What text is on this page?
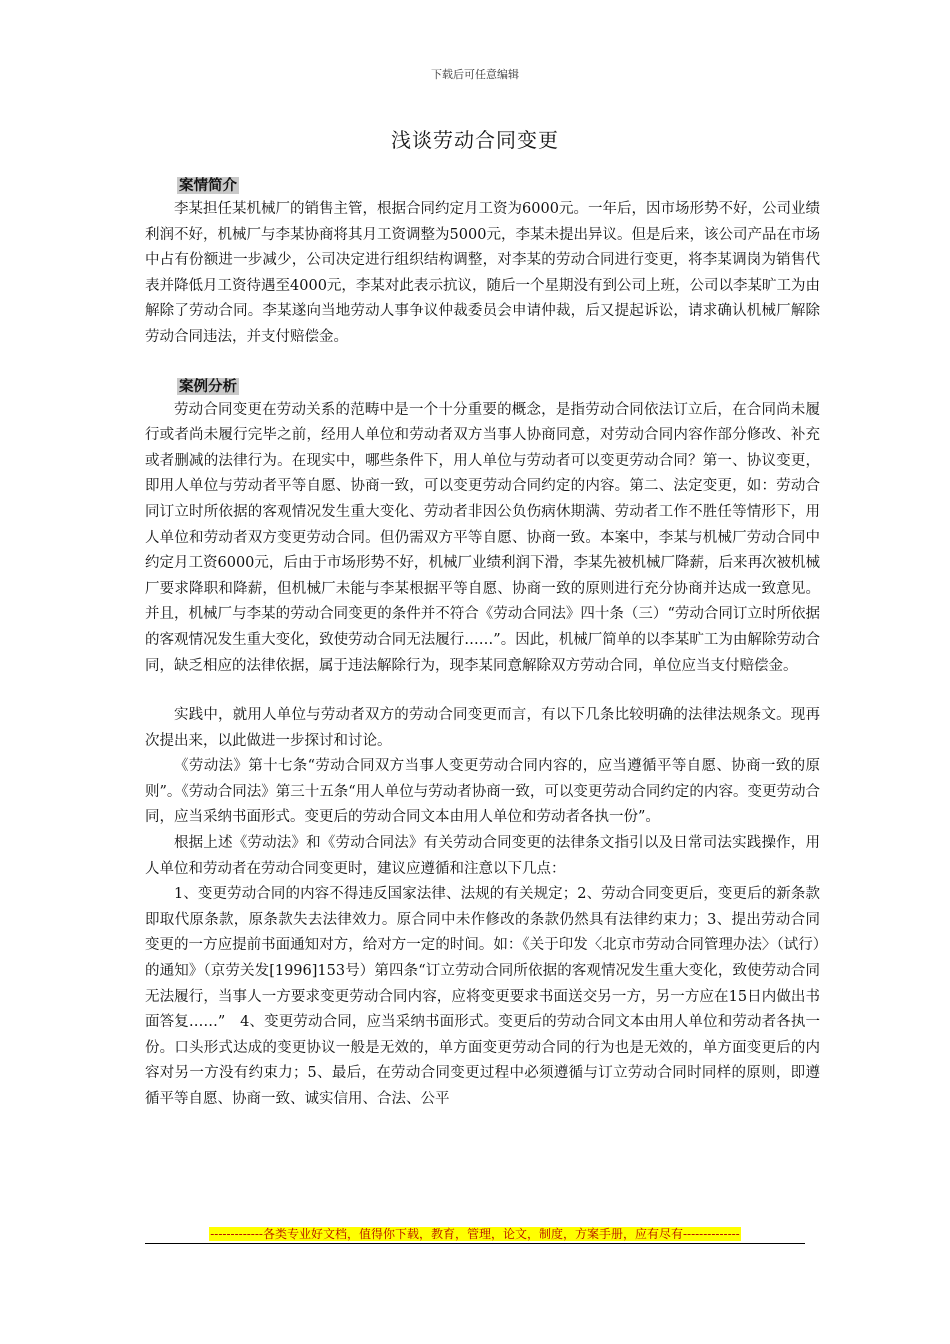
下载后可任意编辑
浅谈劳动合同变更
案情简介

李某担任某机械厂的销售主管，根据合同约定月工资为6000元。一年后，因市场形势不好，公司业绩利润不好，机械厂与李某协商将其月工资调整为5000元，李某未提出异议。但是后来，该公司产品在市场中占有份额进一步减少，公司决定进行组织结构调整，对李某的劳动合同进行变更，将李某调岗为销售代表并降低月工资待遇至4000元，李某对此表示抗议，随后一个星期没有到公司上班，公司以李某旷工为由解除了劳动合同。李某遂向当地劳动人事争议仲裁委员会申请仲裁，后又提起诉讼，请求确认机械厂解除劳动合同违法，并支付赔偿金。

案例分析

劳动合同变更在劳动关系的范畴中是一个十分重要的概念，是指劳动合同依法订立后，在合同尚未履行或者尚未履行完毕之前，经用人单位和劳动者双方当事人协商同意，对劳动合同内容作部分修改、补充或者删减的法律行为。在现实中，哪些条件下，用人单位与劳动者可以变更劳动合同？第一、协议变更，即用人单位与劳动者平等自愿、协商一致，可以变更劳动合同约定的内容。第二、法定变更，如：劳动合同订立时所依据的客观情况发生重大变化、劳动者非因公负伤病休期满、劳动者工作不胜任等情形下，用人单位和劳动者双方变更劳动合同。但仍需双方平等自愿、协商一致。本案中，李某与机械厂劳动合同中约定月工资6000元，后由于市场形势不好，机械厂业绩利润下滑，李某先被机械厂降薪，后来再次被机械厂要求降职和降薪，但机械厂未能与李某根据平等自愿、协商一致的原则进行充分协商并达成一致意见。并且，机械厂与李某的劳动合同变更的条件并不符合《劳动合同法》四十条（三）“劳动合同订立时所依据的客观情况发生重大变化，致使劳动合同无法履行……”。因此，机械厂简单的以李某旷工为由解除劳动合同，缺乏相应的法律依据，属于违法解除行为，现李某同意解除双方劳动合同，单位应当支付赔偿金。

实践中，就用人单位与劳动者双方的劳动合同变更而言，有以下几条比较明确的法律法规条文。现再次提出来，以此做进一步探讨和讨论。

《劳动法》第十七条“劳动合同双方当事人变更劳动合同内容的，应当遵循平等自愿、协商一致的原则”。《劳动合同法》第三十五条“用人单位与劳动者协商一致，可以变更劳动合同约定的内容。变更劳动合同，应当采纳书面形式。变更后的劳动合同文本由用人单位和劳动者各执一份”。

根据上述《劳动法》和《劳动合同法》有关劳动合同变更的法律条文指引以及日常司法实践操作，用人单位和劳动者在劳动合同变更时，建议应遵循和注意以下几点：

1、变更劳动合同的内容不得违反国家法律、法规的有关规定；2、劳动合同变更后，变更后的新条款即取代原条款，原条款失去法律效力。原合同中未作修改的条款仍然具有法律约束力；3、提出劳动合同变更的一方应提前书面通知对方，给对方一定的时间。如：《关于印发〈北京市劳动合同管理办法〉（试行）的通知》（京劳关发[1996]153号）第四条“订立劳动合同所依据的客观情况发生重大变化，致使劳动合同无法履行，当事人一方要求变更劳动合同内容，应将变更要求书面送交另一方，另一方应在15日内做出书面答复……”　4、变更劳动合同，应当采纳书面形式。变更后的劳动合同文本由用人单位和劳动者各执一份。口头形式达成的变更协议一般是无效的，单方面变更劳动合同的行为也是无效的，单方面变更后的内容对另一方没有约束力；5、最后，在劳动合同变更过程中必须遵循与订立劳动合同时同样的原则，即遵循平等自愿、协商一致、诚实信用、合法、公平

-------------各类专业好文档，值得你下载，教育，管理，论文，制度，方案手册，应有尽有--------------
